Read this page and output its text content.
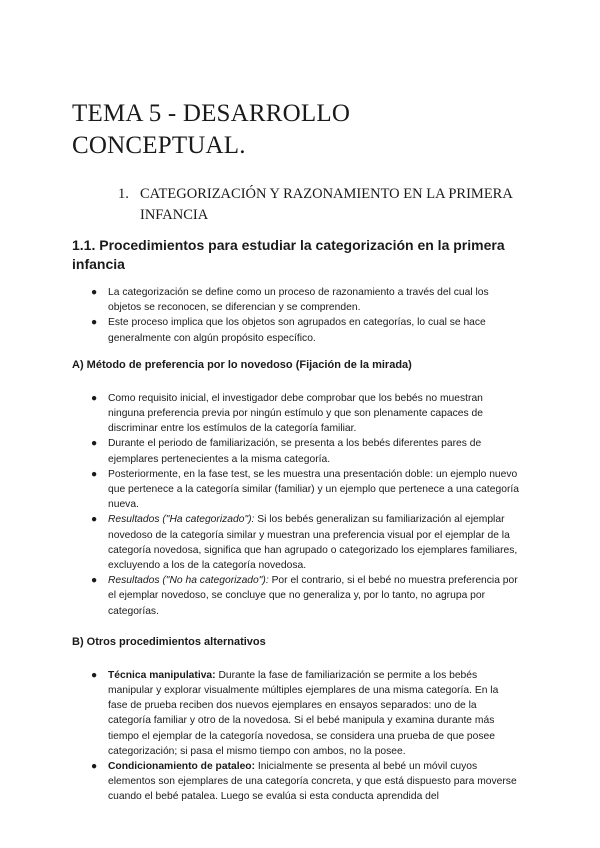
TEMA 5 - DESARROLLO
CONCEPTUAL.
1. CATEGORIZACIÓN Y RAZONAMIENTO EN LA PRIMERA
INFANCIA
1.1. Procedimientos para estudiar la categorización en la primera
infancia
● La categorización se define como un proceso de razonamiento a través del cual los objetos se reconocen, se diferencian y se comprenden.
● Este proceso implica que los objetos son agrupados en categorías, lo cual se hace generalmente con algún propósito específico.
A) Método de preferencia por lo novedoso (Fijación de la mirada)
● Como requisito inicial, el investigador debe comprobar que los bebés no muestran ninguna preferencia previa por ningún estímulo y que son plenamente capaces de discriminar entre los estímulos de la categoría familiar.
● Durante el periodo de familiarización, se presenta a los bebés diferentes pares de ejemplares pertenecientes a la misma categoría.
● Posteriormente, en la fase test, se les muestra una presentación doble: un ejemplo nuevo que pertenece a la categoría similar (familiar) y un ejemplo que pertenece a una categoría nueva.
● Resultados ("Ha categorizado"): Si los bebés generalizan su familiarización al ejemplar novedoso de la categoría similar y muestran una preferencia visual por el ejemplar de la categoría novedosa, significa que han agrupado o categorizado los ejemplares familiares, excluyendo a los de la categoría novedosa.
● Resultados ("No ha categorizado"): Por el contrario, si el bebé no muestra preferencia por el ejemplar novedoso, se concluye que no generaliza y, por lo tanto, no agrupa por categorías.
B) Otros procedimientos alternativos
● Técnica manipulativa: Durante la fase de familiarización se permite a los bebés manipular y explorar visualmente múltiples ejemplares de una misma categoría. En la fase de prueba reciben dos nuevos ejemplares en ensayos separados: uno de la categoría familiar y otro de la novedosa. Si el bebé manipula y examina durante más tiempo el ejemplar de la categoría novedosa, se considera una prueba de que posee categorización; si pasa el mismo tiempo con ambos, no la posee.
● Condicionamiento de pataleo: Inicialmente se presenta al bebé un móvil cuyos elementos son ejemplares de una categoría concreta, y que está dispuesto para moverse cuando el bebé patalea. Luego se evalúa si esta conducta aprendida del
